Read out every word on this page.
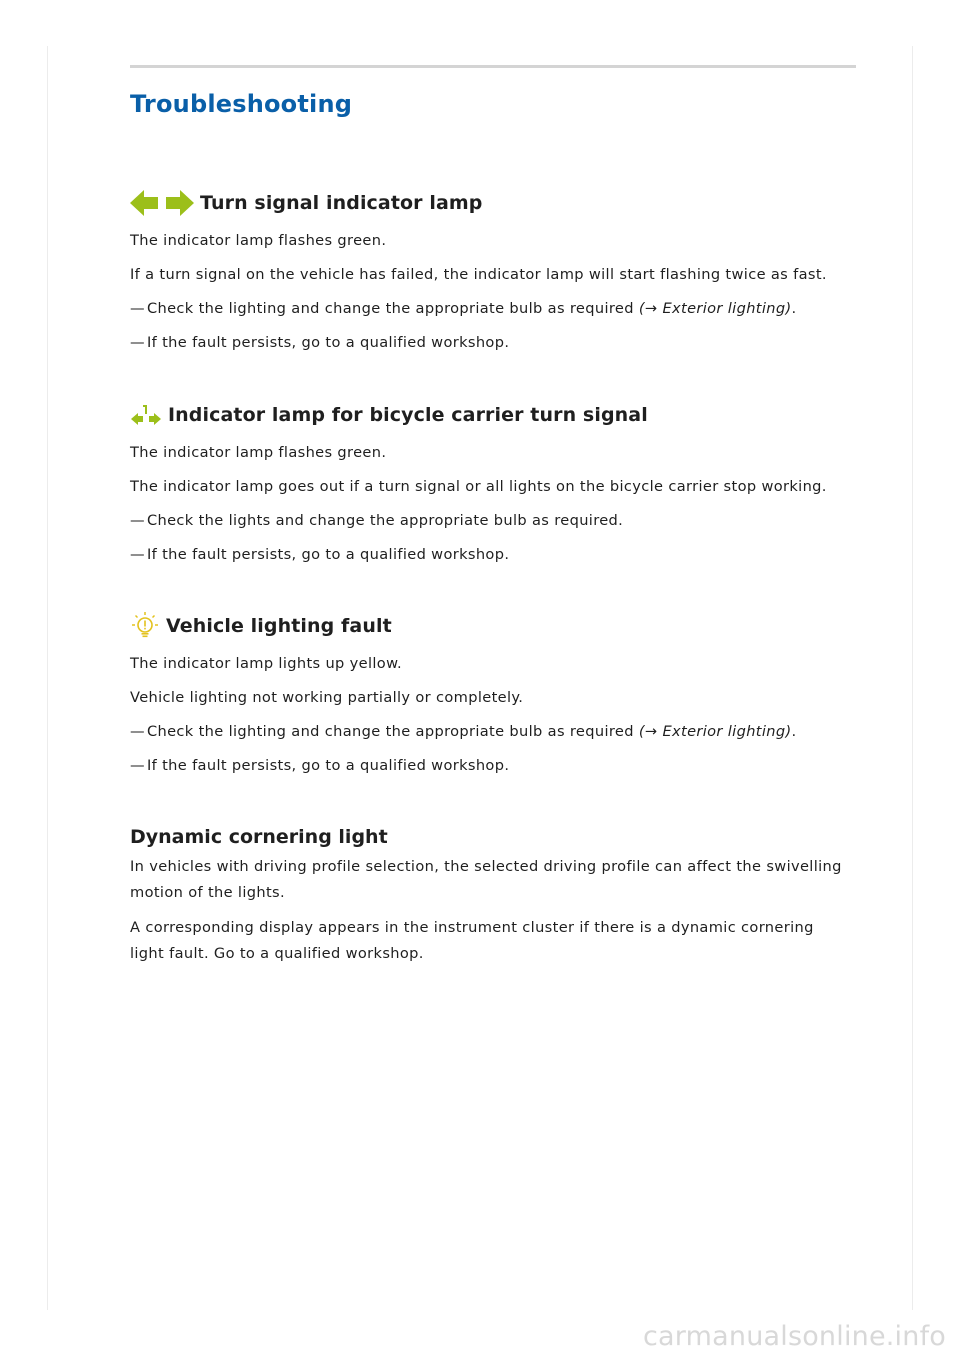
Troubleshooting
Turn signal indicator lamp

The indicator lamp flashes green.

If a turn signal on the vehicle has failed, the indicator lamp will start flashing twice as fast.

— Check the lighting and change the appropriate bulb as required (→ Exterior lighting).

— If the fault persists, go to a qualified workshop.

Indicator lamp for bicycle carrier turn signal

The indicator lamp flashes green.

The indicator lamp goes out if a turn signal or all lights on the bicycle carrier stop working.

— Check the lights and change the appropriate bulb as required.

— If the fault persists, go to a qualified workshop.

Vehicle lighting fault

The indicator lamp lights up yellow.

Vehicle lighting not working partially or completely.

— Check the lighting and change the appropriate bulb as required (→ Exterior lighting).

— If the fault persists, go to a qualified workshop.

Dynamic cornering light

In vehicles with driving profile selection, the selected driving profile can affect the swivelling motion of the lights.

A corresponding display appears in the instrument cluster if there is a dynamic cornering light fault. Go to a qualified workshop.

carmanualsonline.info
